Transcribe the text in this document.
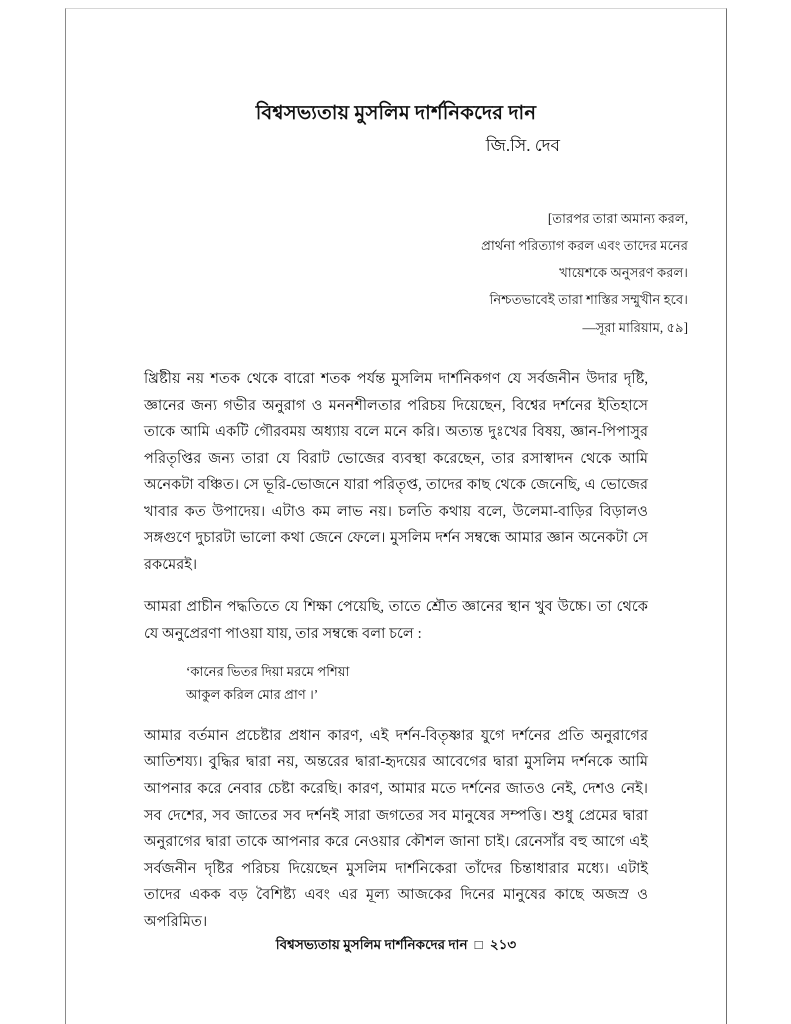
বিশ্বসভ্যতায় মুসলিম দার্শনিকদের দান
জি.সি. দেব
[তারপর তারা অমান্য করল,
প্রার্থনা পরিত্যাগ করল এবং তাদের মনের
খায়েশকে অনুসরণ করল।
নিশ্চতভাবেই তারা শাস্তির সম্মুখীন হবে।
—সূরা মারিয়াম, ৫৯]

খ্রিষ্টীয় নয় শতক থেকে বারো শতক পর্যন্ত মুসলিম দার্শনিকগণ যে সর্বজনীন উদার দৃষ্টি, জ্ঞানের জন্য গভীর অনুরাগ ও মননশীলতার পরিচয় দিয়েছেন, বিশ্বের দর্শনের ইতিহাসে তাকে আমি একটি গৌরবময় অধ্যায় বলে মনে করি। অত্যন্ত দুঃখের বিষয়, জ্ঞান-পিপাসুর পরিতৃপ্তির জন্য তারা যে বিরাট ভোজের ব্যবস্থা করেছেন, তার রসাস্বাদন থেকে আমি অনেকটা বঞ্চিত। সে ভূরি-ভোজনে যারা পরিতৃপ্ত, তাদের কাছ থেকে জেনেছি, এ ভোজের খাবার কত উপাদেয়। এটাও কম লাভ নয়। চলতি কথায় বলে, উলেমা-বাড়ির বিড়ালও সঙ্গগুণে দুচারটা ভালো কথা জেনে ফেলে। মুসলিম দর্শন সম্বন্ধে আমার জ্ঞান অনেকটা সে রকমেরই।

আমরা প্রাচীন পদ্ধতিতে যে শিক্ষা পেয়েছি, তাতে শ্রৌত জ্ঞানের স্থান খুব উচ্চে। তা থেকে যে অনুপ্রেরণা পাওয়া যায়, তার সম্বন্ধে বলা চলে :

‘কানের ভিতর দিয়া মরমে পশিয়া
আকুল করিল মোর প্রাণ ।’

আমার বর্তমান প্রচেষ্টার প্রধান কারণ, এই দর্শন-বিতৃষ্ণার যুগে দর্শনের প্রতি অনুরাগের আতিশয্য। বুদ্ধির দ্বারা নয়, অন্তরের দ্বারা-হৃদয়ের আবেগের দ্বারা মুসলিম দর্শনকে আমি আপনার করে নেবার চেষ্টা করেছি। কারণ, আমার মতে দর্শনের জাতও নেই, দেশও নেই। সব দেশের, সব জাতের সব দর্শনই সারা জগতের সব মানুষের সম্পত্তি। শুধু প্রেমের দ্বারা অনুরাগের দ্বারা তাকে আপনার করে নেওয়ার কৌশল জানা চাই। রেনেসাঁর বহু আগে এই সর্বজনীন দৃষ্টির পরিচয় দিয়েছেন মুসলিম দার্শনিকেরা তাঁদের চিন্তাধারার মধ্যে। এটাই তাদের একক বড় বৈশিষ্ট্য এবং এর মূল্য আজকের দিনের মানুষের কাছে অজস্র ও অপরিমিত।

বিশ্বসভ্যতায় মুসলিম দার্শনিকদের দান □ ২১৩
